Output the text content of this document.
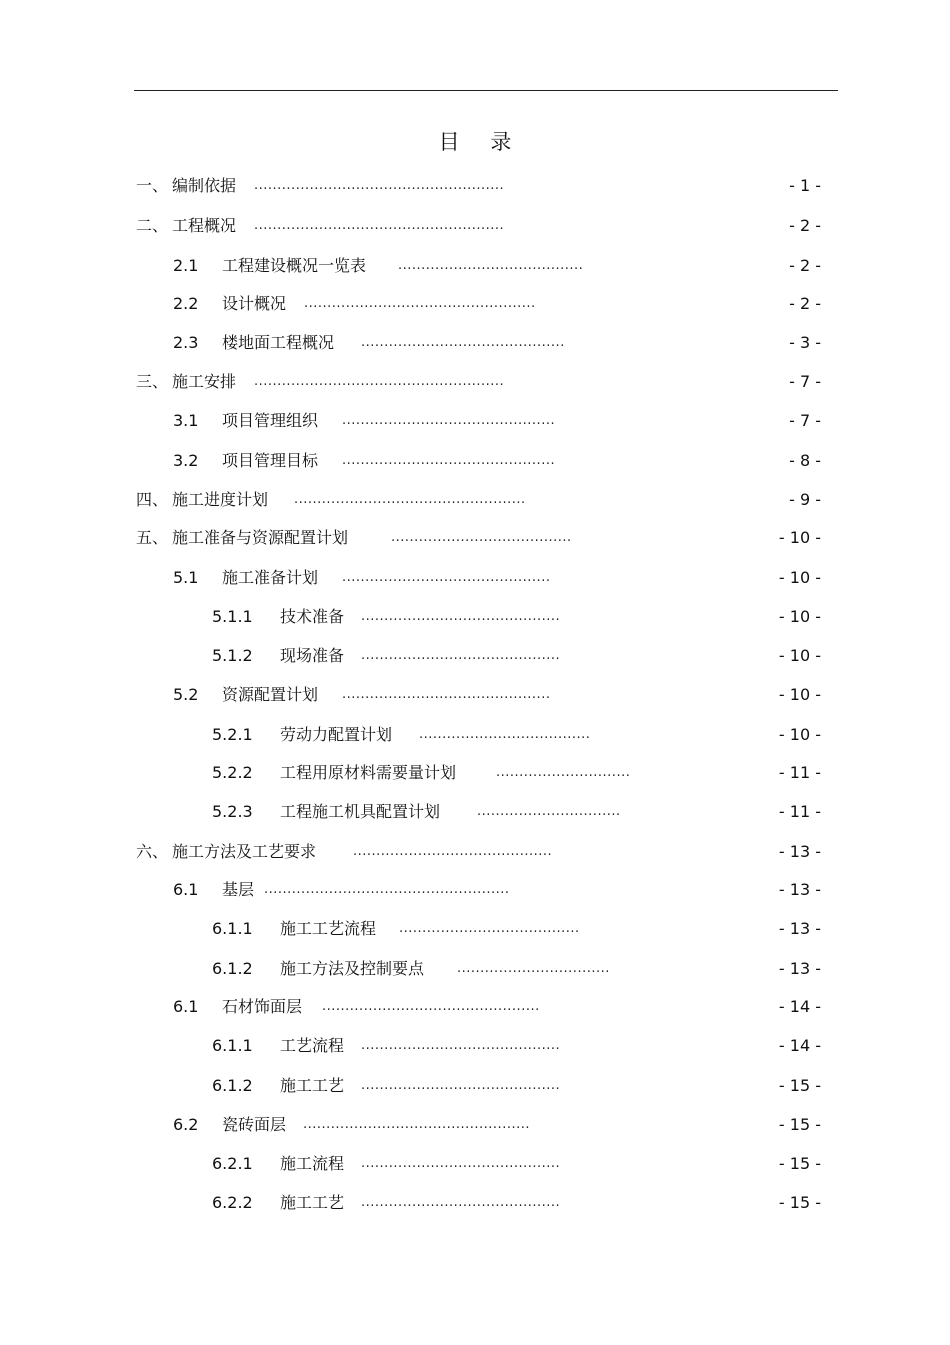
目 录
一、 编制依据 ......................................................	- 1 -
二、 工程概况 ......................................................	- 2 -
2.1 工程建设概况一览表 ........................................	- 2 -
2.2 设计概况 ..................................................	- 2 -
2.3 楼地面工程概况 ............................................	- 3 -
三、 施工安排 ......................................................	- 7 -
3.1 项目管理组织 ..............................................	- 7 -
3.2 项目管理目标 ..............................................	- 8 -
四、 施工进度计划 ..................................................	- 9 -
五、 施工准备与资源配置计划	.......................................	- 10 -
5.1 施工准备计划 .............................................	- 10 -
5.1.1 技术准备 ...........................................	- 10 -
5.1.2 现场准备 ...........................................	- 10 -
5.2 资源配置计划 .............................................	- 10 -
5.2.1 劳动力配置计划 .....................................	- 10 -
5.2.2 工程用原材料需要量计划	.............................	- 11 -
5.2.3 工程施工机具配置计划	...............................	- 11 -
六、 施工方法及工艺要求	...........................................	- 13 -
6.1 基层 .....................................................	- 13 -
6.1.1 施工工艺流程 .......................................	- 13 -
6.1.2 施工方法及控制要点	.................................	- 13 -
6.1 石材饰面层 ...............................................	- 14 -
6.1.1 工艺流程 ...........................................	- 14 -
6.1.2 施工工艺 ...........................................	- 15 -
6.2 瓷砖面层 .................................................	- 15 -
6.2.1 施工流程 ...........................................	- 15 -
6.2.2 施工工艺 ...........................................	- 15 -
